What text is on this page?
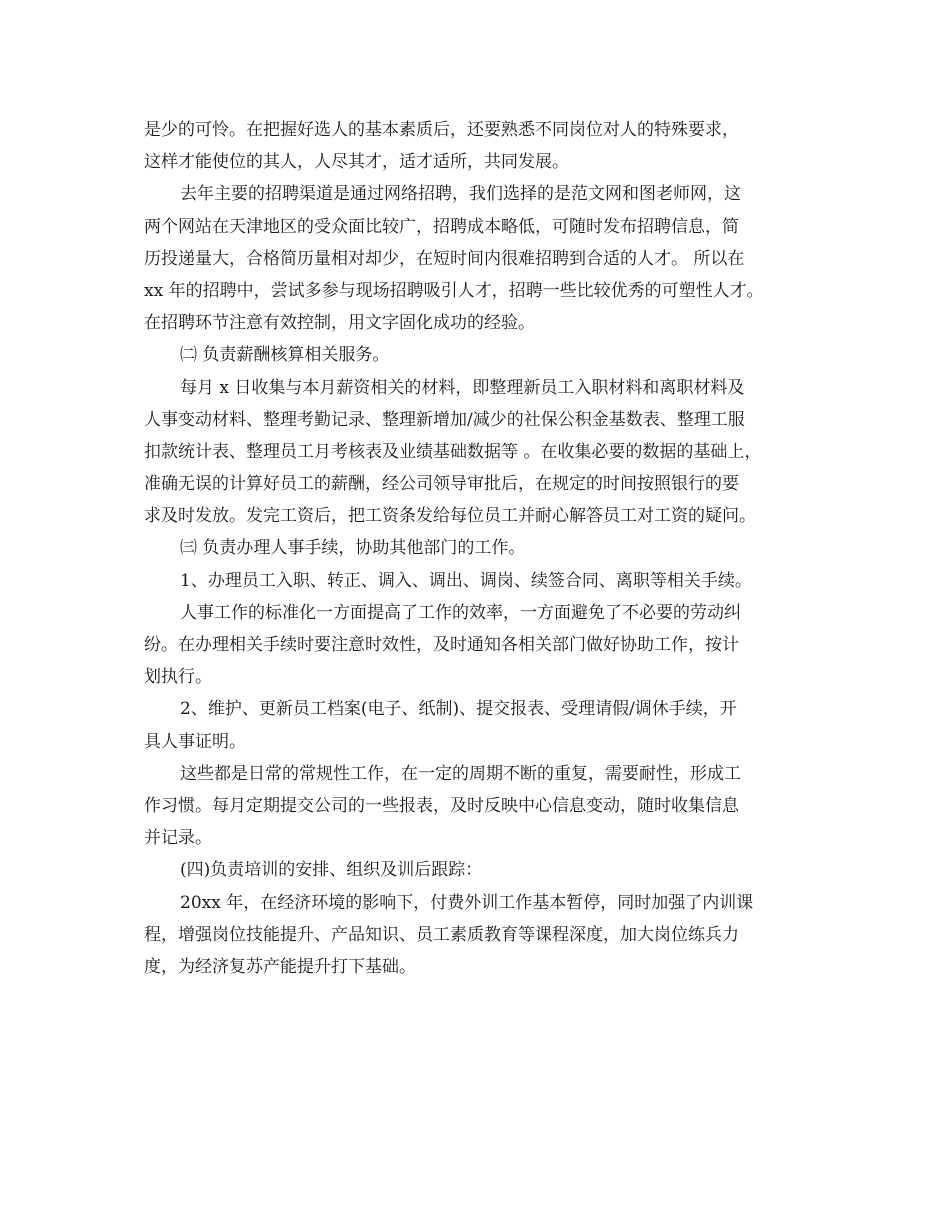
是少的可怜。在把握好选人的基本素质后，还要熟悉不同岗位对人的特殊要求，
这样才能使位的其人，人尽其才，适才适所，共同发展。
去年主要的招聘渠道是通过网络招聘，我们选择的是范文网和图老师网，这
两个网站在天津地区的受众面比较广，招聘成本略低，可随时发布招聘信息，简
历投递量大，合格简历量相对却少，在短时间内很难招聘到合适的人才。 所以在
xx 年的招聘中，尝试多参与现场招聘吸引人才，招聘一些比较优秀的可塑性人才。
在招聘环节注意有效控制，用文字固化成功的经验。
㈡ 负责薪酬核算相关服务。
每月 x 日收集与本月薪资相关的材料，即整理新员工入职材料和离职材料及
人事变动材料、整理考勤记录、整理新增加/减少的社保公积金基数表、整理工服
扣款统计表、整理员工月考核表及业绩基础数据等 。在收集必要的数据的基础上，
准确无误的计算好员工的薪酬，经公司领导审批后，在规定的时间按照银行的要
求及时发放。发完工资后，把工资条发给每位员工并耐心解答员工对工资的疑问。
㈢ 负责办理人事手续，协助其他部门的工作。
1、办理员工入职、转正、调入、调出、调岗、续签合同、离职等相关手续。
人事工作的标准化一方面提高了工作的效率，一方面避免了不必要的劳动纠
纷。在办理相关手续时要注意时效性，及时通知各相关部门做好协助工作，按计
划执行。
2、维护、更新员工档案(电子、纸制)、提交报表、受理请假/调休手续，开
具人事证明。
这些都是日常的常规性工作，在一定的周期不断的重复，需要耐性，形成工
作习惯。每月定期提交公司的一些报表，及时反映中心信息变动，随时收集信息
并记录。
(四)负责培训的安排、组织及训后跟踪：
20xx 年，在经济环境的影响下，付费外训工作基本暂停，同时加强了内训课
程，增强岗位技能提升、产品知识、员工素质教育等课程深度，加大岗位练兵力
度，为经济复苏产能提升打下基础。
